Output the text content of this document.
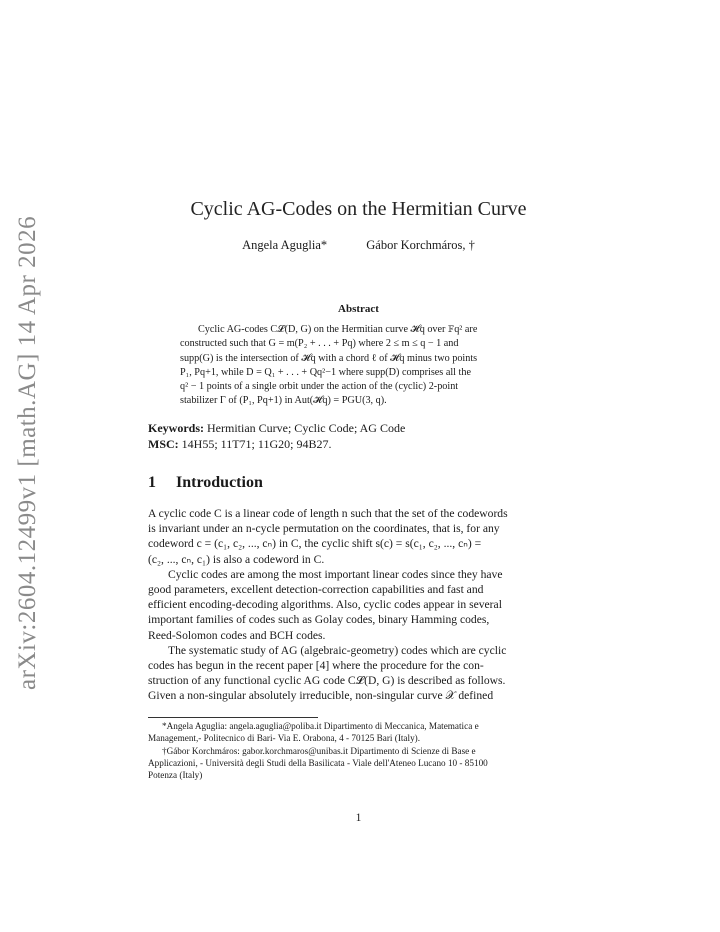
arXiv:2604.12499v1 [math.AG] 14 Apr 2026
Cyclic AG-Codes on the Hermitian Curve
Angela Aguglia*	Gábor Korchmáros, †
Abstract
Cyclic AG-codes C𝓛(D, G) on the Hermitian curve 𝓗q over 𝔽q² are
constructed such that G = m(P₂ + . . . + Pq) where 2 ≤ m ≤ q − 1 and
supp(G) is the intersection of 𝓗q with a chord ℓ of 𝓗q minus two points
P₁, Pq+1, while D = Q₁ + . . . + Qq²−1 where supp(D) comprises all the
q² − 1 points of a single orbit under the action of the (cyclic) 2-point
stabilizer Γ of (P₁, Pq+1) in Aut(𝓗q) = PGU(3, q).
Keywords: Hermitian Curve; Cyclic Code; AG Code
MSC: 14H55; 11T71; 11G20; 94B27.
1 Introduction
A cyclic code C is a linear code of length n such that the set of the codewords
is invariant under an n-cycle permutation on the coordinates, that is, for any
codeword c = (c₁, c₂, ..., cₙ) in C, the cyclic shift s(c) = s(c₁, c₂, ..., cₙ) =
(c₂, ..., cₙ, c₁) is also a codeword in C.
Cyclic codes are among the most important linear codes since they have
good parameters, excellent detection-correction capabilities and fast and
efficient encoding-decoding algorithms. Also, cyclic codes appear in several
important families of codes such as Golay codes, binary Hamming codes,
Reed-Solomon codes and BCH codes.
The systematic study of AG (algebraic-geometry) codes which are cyclic
codes has begun in the recent paper [4] where the procedure for the con-
struction of any functional cyclic AG code C𝓛(D, G) is described as follows.
Given a non-singular absolutely irreducible, non-singular curve 𝒳 defined
*Angela Aguglia: angela.aguglia@poliba.it Dipartimento di Meccanica, Matematica e
Management,- Politecnico di Bari- Via E. Orabona, 4 - 70125 Bari (Italy).
†Gábor Korchmáros: gabor.korchmaros@unibas.it Dipartimento di Scienze di Base e
Applicazioni, - Università degli Studi della Basilicata - Viale dell'Ateneo Lucano 10 - 85100
Potenza (Italy)
1
